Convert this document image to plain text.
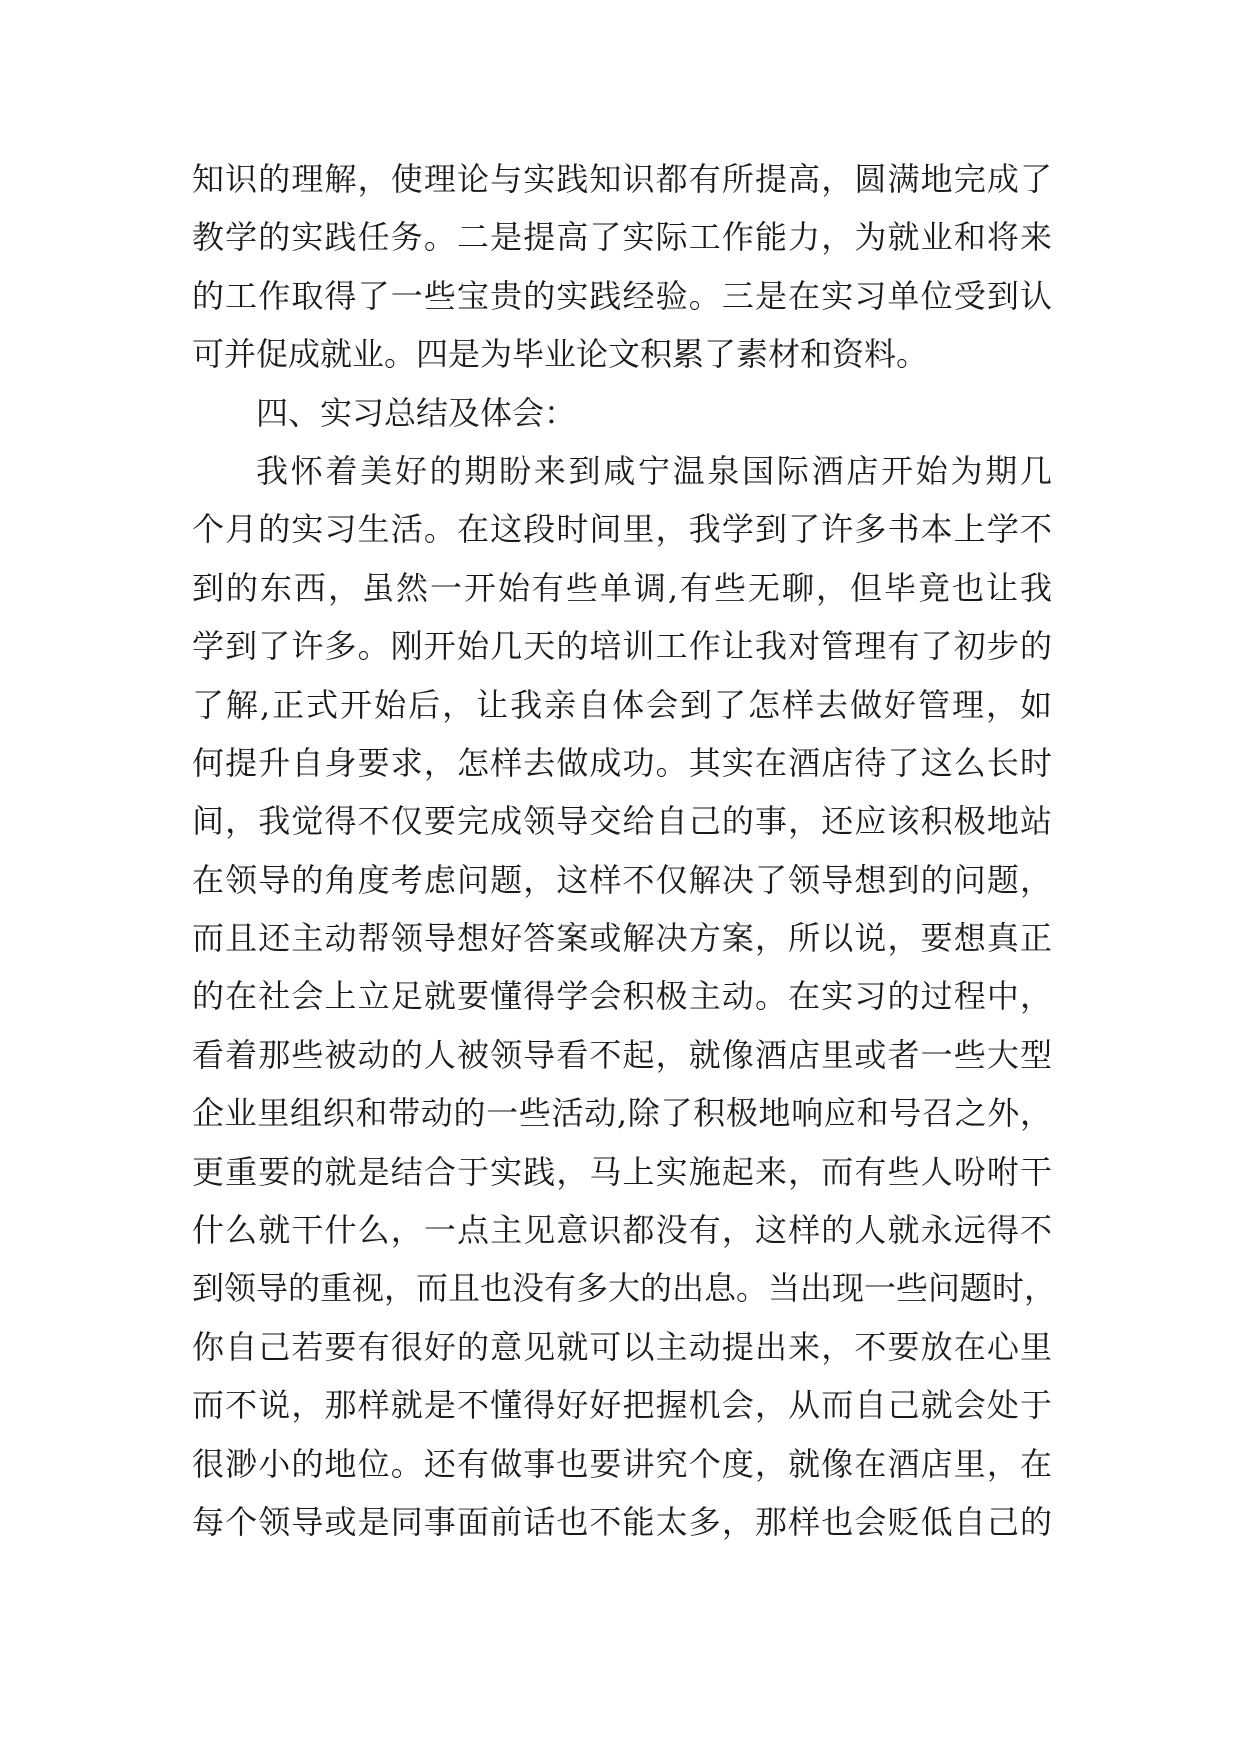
知识的理解，使理论与实践知识都有所提高，圆满地完成了
教学的实践任务。二是提高了实际工作能力，为就业和将来
的工作取得了一些宝贵的实践经验。三是在实习单位受到认
可并促成就业。四是为毕业论文积累了素材和资料。
四、实习总结及体会：
我怀着美好的期盼来到咸宁温泉国际酒店开始为期几
个月的实习生活。在这段时间里，我学到了许多书本上学不
到的东西，虽然一开始有些单调,有些无聊，但毕竟也让我
学到了许多。刚开始几天的培训工作让我对管理有了初步的
了解,正式开始后，让我亲自体会到了怎样去做好管理，如
何提升自身要求，怎样去做成功。其实在酒店待了这么长时
间，我觉得不仅要完成领导交给自己的事，还应该积极地站
在领导的角度考虑问题，这样不仅解决了领导想到的问题，
而且还主动帮领导想好答案或解决方案，所以说，要想真正
的在社会上立足就要懂得学会积极主动。在实习的过程中，
看着那些被动的人被领导看不起，就像酒店里或者一些大型
企业里组织和带动的一些活动,除了积极地响应和号召之外，
更重要的就是结合于实践，马上实施起来，而有些人吩咐干
什么就干什么，一点主见意识都没有，这样的人就永远得不
到领导的重视，而且也没有多大的出息。当出现一些问题时，
你自己若要有很好的意见就可以主动提出来，不要放在心里
而不说，那样就是不懂得好好把握机会，从而自己就会处于
很渺小的地位。还有做事也要讲究个度，就像在酒店里，在
每个领导或是同事面前话也不能太多，那样也会贬低自己的
